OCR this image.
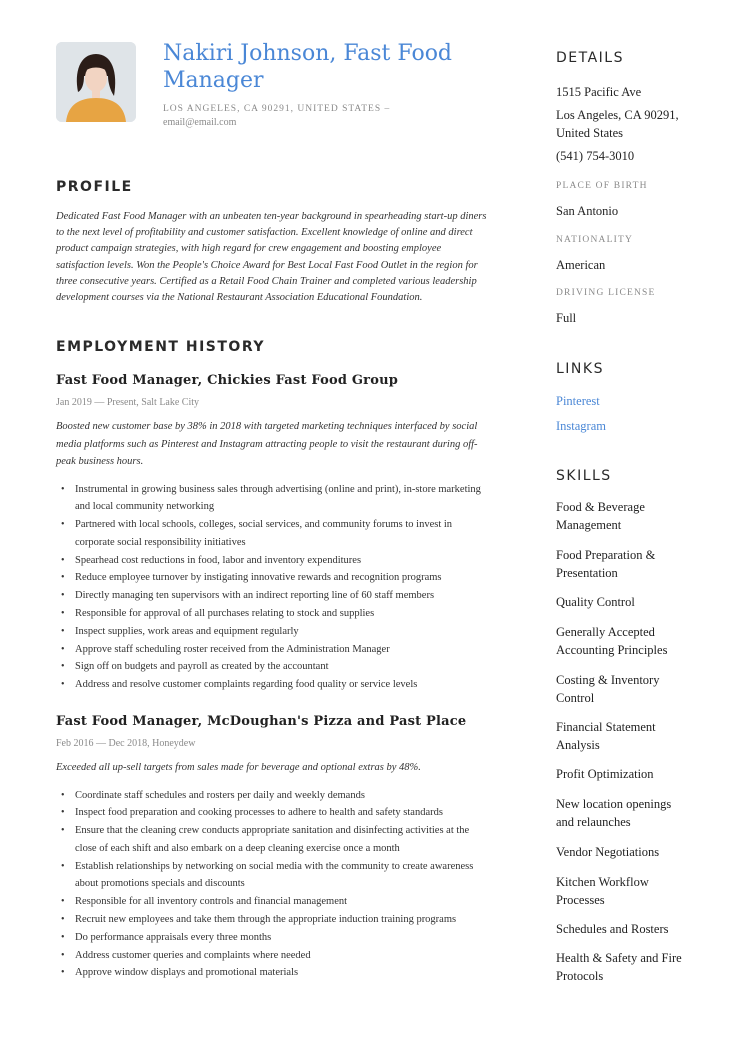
Nakiri Johnson, Fast Food Manager
LOS ANGELES, CA 90291, UNITED STATES –
email@email.com
PROFILE
Dedicated Fast Food Manager with an unbeaten ten-year background in spearheading start-up diners to the next level of profitability and customer satisfaction. Excellent knowledge of online and direct product campaign strategies, with high regard for crew engagement and boosting employee satisfaction levels. Won the People's Choice Award for Best Local Fast Food Outlet in the region for three consecutive years. Certified as a Retail Food Chain Trainer and completed various leadership development courses via the National Restaurant Association Educational Foundation.
EMPLOYMENT HISTORY
Fast Food Manager, Chickies Fast Food Group
Jan 2019 — Present, Salt Lake City
Boosted new customer base by 38% in 2018 with targeted marketing techniques interfaced by social media platforms such as Pinterest and Instagram attracting people to visit the restaurant during off-peak business hours.
• Instrumental in growing business sales through advertising (online and print), in-store marketing and local community networking
• Partnered with local schools, colleges, social services, and community forums to invest in corporate social responsibility initiatives
• Spearhead cost reductions in food, labor and inventory expenditures
• Reduce employee turnover by instigating innovative rewards and recognition programs
• Directly managing ten supervisors with an indirect reporting line of 60 staff members
• Responsible for approval of all purchases relating to stock and supplies
• Inspect supplies, work areas and equipment regularly
• Approve staff scheduling roster received from the Administration Manager
• Sign off on budgets and payroll as created by the accountant
• Address and resolve customer complaints regarding food quality or service levels
Fast Food Manager, McDoughan's Pizza and Past Place
Feb 2016 — Dec 2018, Honeydew
Exceeded all up-sell targets from sales made for beverage and optional extras by 48%.
• Coordinate staff schedules and rosters per daily and weekly demands
• Inspect food preparation and cooking processes to adhere to health and safety standards
• Ensure that the cleaning crew conducts appropriate sanitation and disinfecting activities at the close of each shift and also embark on a deep cleaning exercise once a month
• Establish relationships by networking on social media with the community to create awareness about promotions specials and discounts
• Responsible for all inventory controls and financial management
• Recruit new employees and take them through the appropriate induction training programs
• Do performance appraisals every three months
• Address customer queries and complaints where needed
• Approve window displays and promotional materials
DETAILS
1515 Pacific Ave
Los Angeles, CA 90291, United States
(541) 754-3010
PLACE OF BIRTH
San Antonio
NATIONALITY
American
DRIVING LICENSE
Full
LINKS
Pinterest
Instagram
SKILLS
Food & Beverage Management
Food Preparation & Presentation
Quality Control
Generally Accepted Accounting Principles
Costing & Inventory Control
Financial Statement Analysis
Profit Optimization
New location openings and relaunches
Vendor Negotiations
Kitchen Workflow Processes
Schedules and Rosters
Health & Safety and Fire Protocols
